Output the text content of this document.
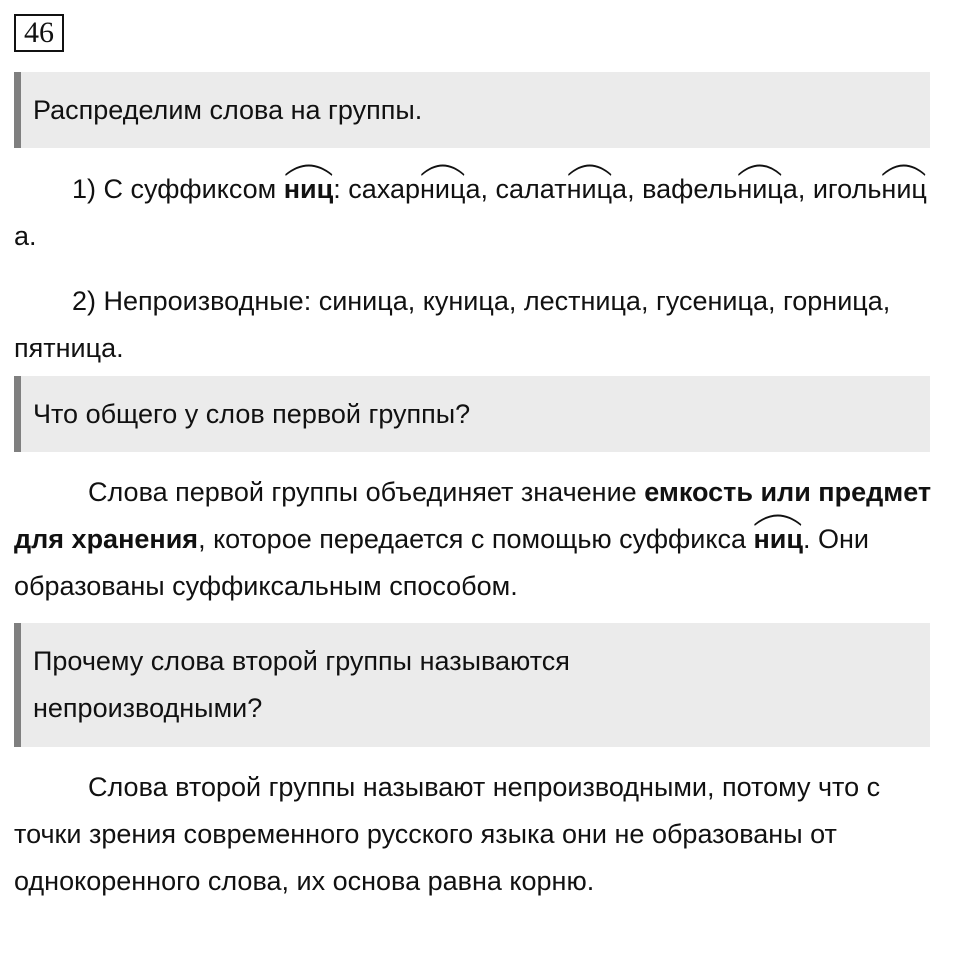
46
Распределим слова на группы.

1) С суффиксом
ниц: сахар
ница, салат
ница, вафель
ница, иголь
ница.

2) Непроизводные: синица, куница, лестница, гусеница, горница, пятница.

Что общего у слов первой группы?

Слова первой группы объединяет значение емкость или предмет для хранения, которое передается с помощью суффикса
ниц. Они образованы суффиксальным способом.

Прочему слова второй группы называются непроизводными?

Слова второй группы называют непроизводными, потому что с точки зрения современного русского языка они не образованы от однокоренного слова, их основа равна корню.
